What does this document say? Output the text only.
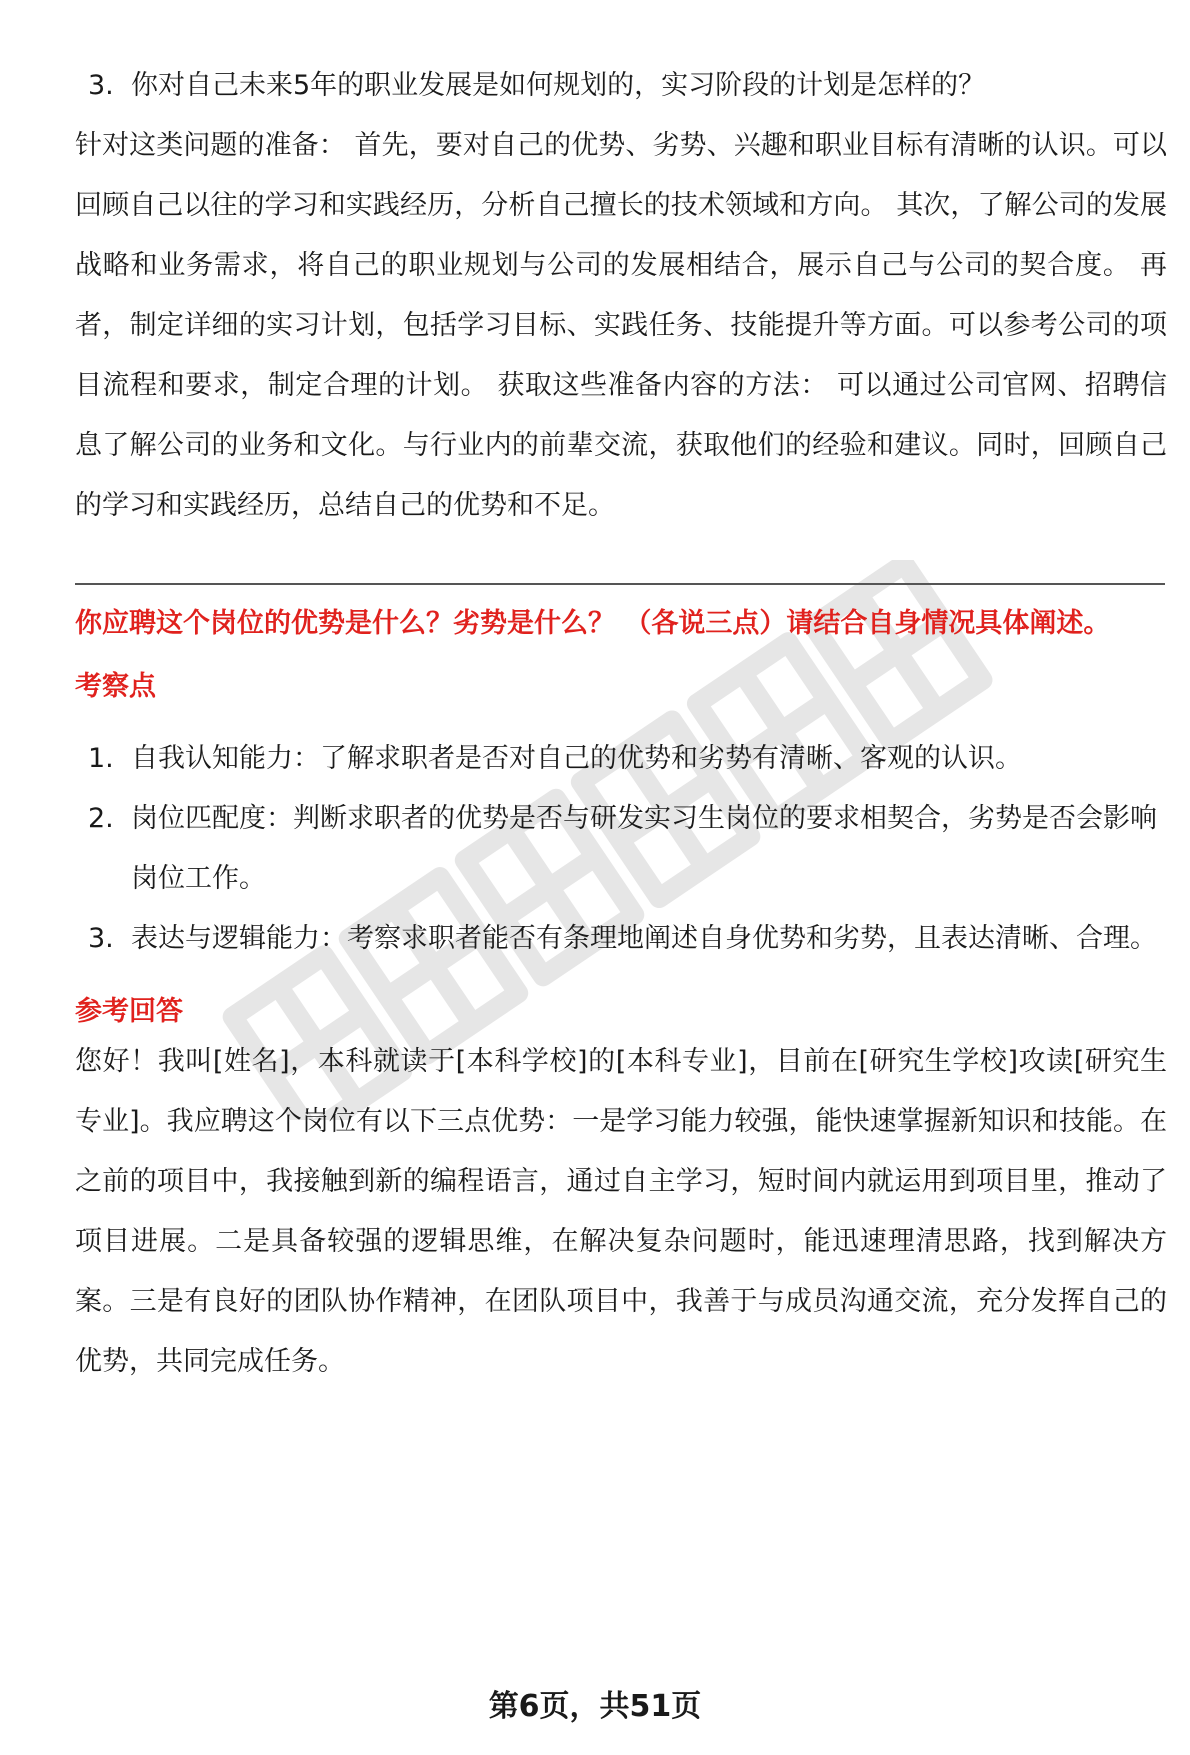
3. 你对自己未来5年的职业发展是如何规划的，实习阶段的计划是怎样的？

针对这类问题的准备： 首先，要对自己的优势、劣势、兴趣和职业目标有清晰的认识。可以回顾自己以往的学习和实践经历，分析自己擅长的技术领域和方向。 其次，了解公司的发展战略和业务需求，将自己的职业规划与公司的发展相结合，展示自己与公司的契合度。 再者，制定详细的实习计划，包括学习目标、实践任务、技能提升等方面。可以参考公司的项目流程和要求，制定合理的计划。 获取这些准备内容的方法： 可以通过公司官网、招聘信息了解公司的业务和文化。与行业内的前辈交流，获取他们的经验和建议。同时，回顾自己的学习和实践经历，总结自己的优势和不足。

你应聘这个岗位的优势是什么？劣势是什么？ （各说三点）请结合自身情况具体阐述。
考察点
1. 自我认知能力：了解求职者是否对自己的优势和劣势有清晰、客观的认识。
2. 岗位匹配度：判断求职者的优势是否与研发实习生岗位的要求相契合，劣势是否会影响岗位工作。
3. 表达与逻辑能力：考察求职者能否有条理地阐述自身优势和劣势，且表达清晰、合理。
参考回答

您好！我叫[姓名]，本科就读于[本科学校]的[本科专业]，目前在[研究生学校]攻读[研究生专业]。我应聘这个岗位有以下三点优势：一是学习能力较强，能快速掌握新知识和技能。在之前的项目中，我接触到新的编程语言，通过自主学习，短时间内就运用到项目里，推动了项目进展。二是具备较强的逻辑思维，在解决复杂问题时，能迅速理清思路，找到解决方案。三是有良好的团队协作精神，在团队项目中，我善于与成员沟通交流，充分发挥自己的优势，共同完成任务。

第6页，共51页
